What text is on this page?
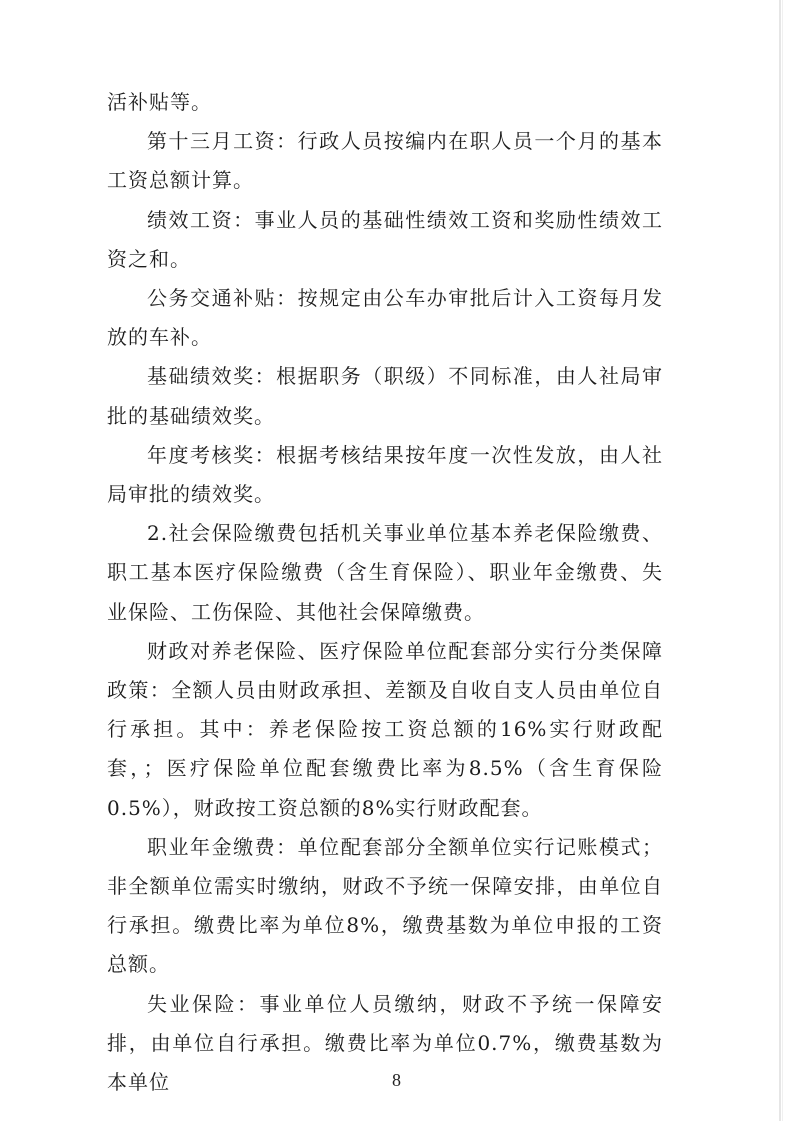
活补贴等。

第十三月工资：行政人员按编内在职人员一个月的基本工资总额计算。

绩效工资：事业人员的基础性绩效工资和奖励性绩效工资之和。

公务交通补贴：按规定由公车办审批后计入工资每月发放的车补。

基础绩效奖：根据职务（职级）不同标准，由人社局审批的基础绩效奖。

年度考核奖：根据考核结果按年度一次性发放，由人社局审批的绩效奖。

2.社会保险缴费包括机关事业单位基本养老保险缴费、职工基本医疗保险缴费（含生育保险）、职业年金缴费、失业保险、工伤保险、其他社会保障缴费。

财政对养老保险、医疗保险单位配套部分实行分类保障政策：全额人员由财政承担、差额及自收自支人员由单位自行承担。其中：养老保险按工资总额的16%实行财政配套，；医疗保险单位配套缴费比率为8.5%（含生育保险0.5%），财政按工资总额的8%实行财政配套。

职业年金缴费：单位配套部分全额单位实行记账模式；非全额单位需实时缴纳，财政不予统一保障安排，由单位自行承担。缴费比率为单位8%，缴费基数为单位申报的工资总额。

失业保险：事业单位人员缴纳，财政不予统一保障安排，由单位自行承担。缴费比率为单位0.7%，缴费基数为本单位	8
